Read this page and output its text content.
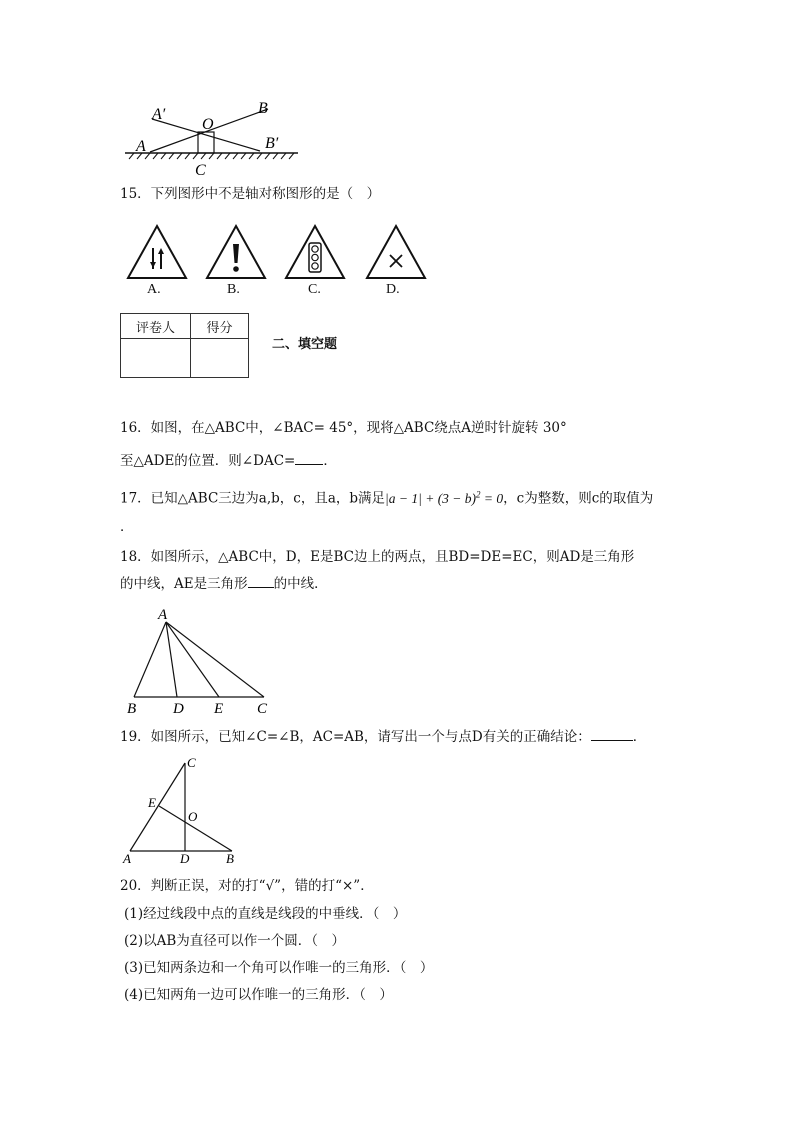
A′
O
B
A	B′
C
15．下列图形中不是轴对称图形的是（　）
A.	B.	C.	D.
评卷人	得分

二、填空题
16．如图，在△ABC中，∠BAC= 45°，现将△ABC绕点A逆时针旋转 30°
至△ADE的位置．则∠DAC= ．
17．已知△ABC三边为a,b，c，且a，b满足$|a - 1| + (3 - b)^2 = 0$，c为整数，则c的取值为
．
18．如图所示，△ABC中，D，E是BC边上的两点，且BD=DE=EC，则AD是三角形
的中线，AE是三角形 的中线．
A
B D E C
19．如图所示，已知∠C=∠B，AC=AB，请写出一个与点D有关的正确结论：	．
C
E
O
A	D	B
20．判断正误，对的打“√”，错的打“×”．
(1)经过线段中点的直线是线段的中垂线．（　）
(2)以AB为直径可以作一个圆．（　）
(3)已知两条边和一个角可以作唯一的三角形．（　）
(4)已知两角一边可以作唯一的三角形．（　）
